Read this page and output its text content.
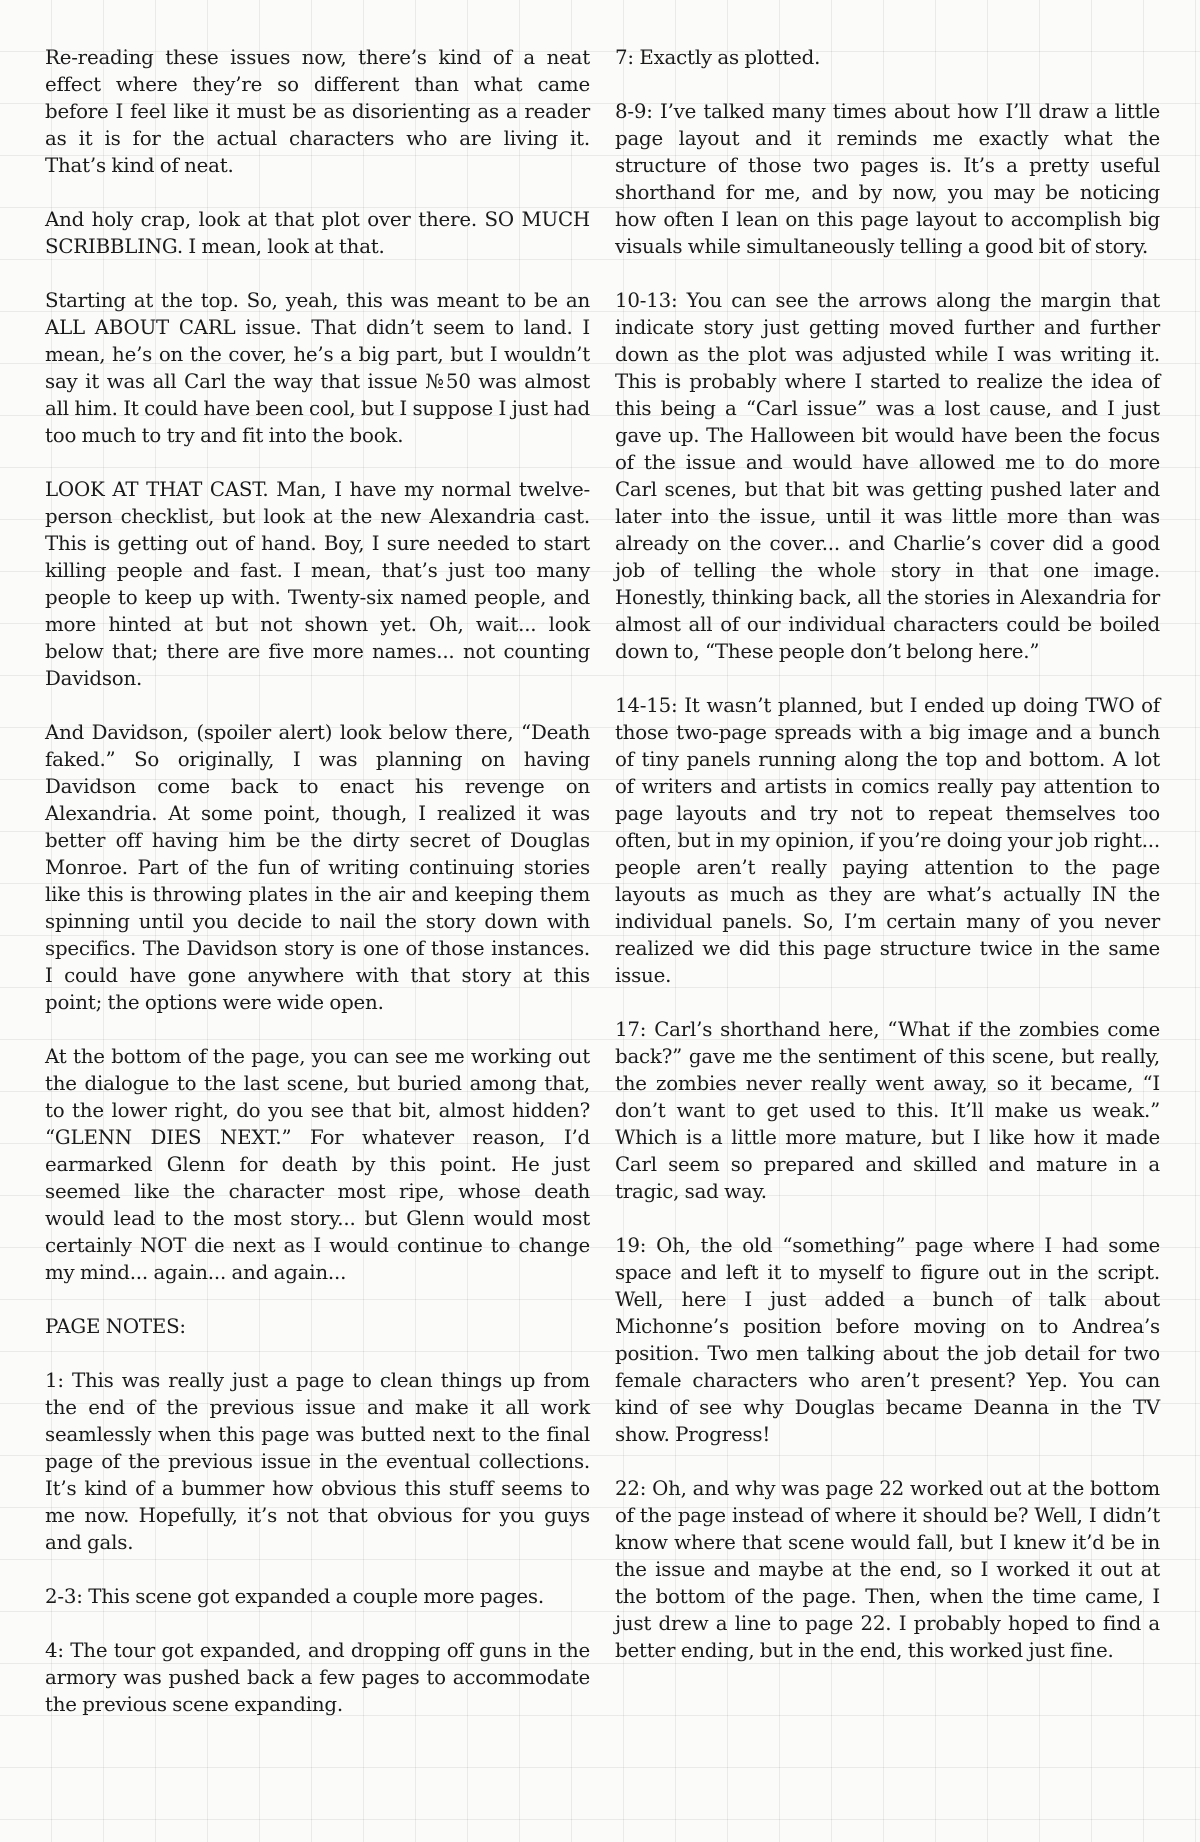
Re-reading these issues now, there’s kind of a neat effect where they’re so different than what came before I feel like it must be as disorienting as a reader as it is for the actual characters who are living it. That’s kind of neat.

And holy crap, look at that plot over there. SO MUCH SCRIBBLING. I mean, look at that.

Starting at the top. So, yeah, this was meant to be an ALL ABOUT CARL issue. That didn’t seem to land. I mean, he’s on the cover, he’s a big part, but I wouldn’t say it was all Carl the way that issue №50 was almost all him. It could have been cool, but I suppose I just had too much to try and fit into the book.

LOOK AT THAT CAST. Man, I have my normal twelve-person checklist, but look at the new Alexandria cast. This is getting out of hand. Boy, I sure needed to start killing people and fast. I mean, that’s just too many people to keep up with. Twenty-six named people, and more hinted at but not shown yet. Oh, wait... look below that; there are five more names... not counting Davidson.

And Davidson, (spoiler alert) look below there, “Death faked.” So originally, I was planning on having Davidson come back to enact his revenge on Alexandria. At some point, though, I realized it was better off having him be the dirty secret of Douglas Monroe. Part of the fun of writing continuing stories like this is throwing plates in the air and keeping them spinning until you decide to nail the story down with specifics. The Davidson story is one of those instances. I could have gone anywhere with that story at this point; the options were wide open.

At the bottom of the page, you can see me working out the dialogue to the last scene, but buried among that, to the lower right, do you see that bit, almost hidden? “GLENN DIES NEXT.” For whatever reason, I’d earmarked Glenn for death by this point. He just seemed like the character most ripe, whose death would lead to the most story... but Glenn would most certainly NOT die next as I would continue to change my mind... again... and again...

PAGE NOTES:

1: This was really just a page to clean things up from the end of the previous issue and make it all work seamlessly when this page was butted next to the final page of the previous issue in the eventual collections. It’s kind of a bummer how obvious this stuff seems to me now. Hopefully, it’s not that obvious for you guys and gals.

2-3: This scene got expanded a couple more pages.

4: The tour got expanded, and dropping off guns in the armory was pushed back a few pages to accommodate the previous scene expanding.

7: Exactly as plotted.

8-9: I’ve talked many times about how I’ll draw a little page layout and it reminds me exactly what the structure of those two pages is. It’s a pretty useful shorthand for me, and by now, you may be noticing how often I lean on this page layout to accomplish big visuals while simultaneously telling a good bit of story.

10-13: You can see the arrows along the margin that indicate story just getting moved further and further down as the plot was adjusted while I was writing it. This is probably where I started to realize the idea of this being a “Carl issue” was a lost cause, and I just gave up. The Halloween bit would have been the focus of the issue and would have allowed me to do more Carl scenes, but that bit was getting pushed later and later into the issue, until it was little more than was already on the cover... and Charlie’s cover did a good job of telling the whole story in that one image. Honestly, thinking back, all the stories in Alexandria for almost all of our individual characters could be boiled down to, “These people don’t belong here.”

14-15: It wasn’t planned, but I ended up doing TWO of those two-page spreads with a big image and a bunch of tiny panels running along the top and bottom. A lot of writers and artists in comics really pay attention to page layouts and try not to repeat themselves too often, but in my opinion, if you’re doing your job right... people aren’t really paying attention to the page layouts as much as they are what’s actually IN the individual panels. So, I’m certain many of you never realized we did this page structure twice in the same issue.

17: Carl’s shorthand here, “What if the zombies come back?” gave me the sentiment of this scene, but really, the zombies never really went away, so it became, “I don’t want to get used to this. It’ll make us weak.” Which is a little more mature, but I like how it made Carl seem so prepared and skilled and mature in a tragic, sad way.

19: Oh, the old “something” page where I had some space and left it to myself to figure out in the script. Well, here I just added a bunch of talk about Michonne’s position before moving on to Andrea’s position. Two men talking about the job detail for two female characters who aren’t present? Yep. You can kind of see why Douglas became Deanna in the TV show. Progress!

22: Oh, and why was page 22 worked out at the bottom of the page instead of where it should be? Well, I didn’t know where that scene would fall, but I knew it’d be in the issue and maybe at the end, so I worked it out at the bottom of the page. Then, when the time came, I just drew a line to page 22. I probably hoped to find a better ending, but in the end, this worked just fine.
